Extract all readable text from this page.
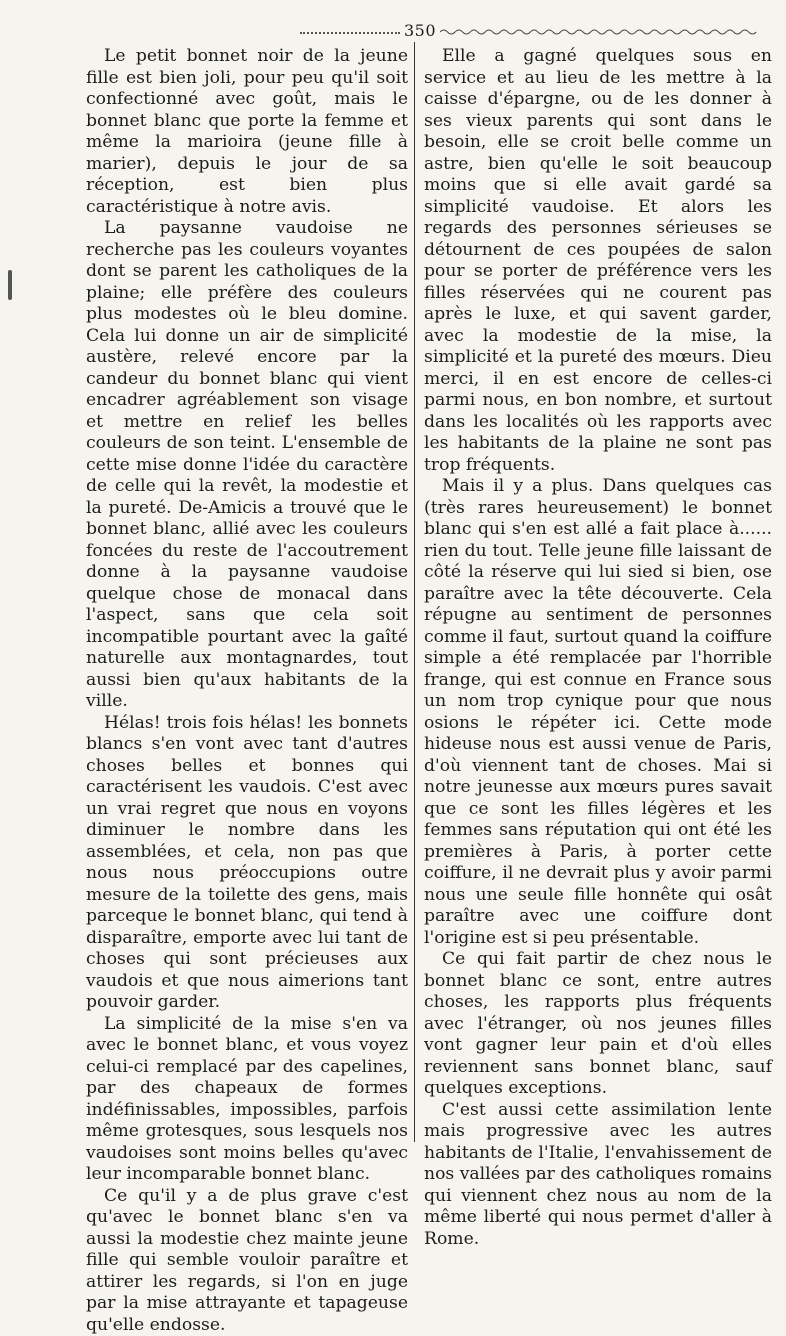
350

Le petit bonnet noir de la jeune fille est bien joli, pour peu qu'il soit confectionné avec goût, mais le bonnet blanc que porte la femme et même la marioira (jeune fille à marier), depuis le jour de sa réception, est bien plus caractéristique à notre avis.

La paysanne vaudoise ne recherche pas les couleurs voyantes dont se parent les catholiques de la plaine; elle préfère des couleurs plus modestes où le bleu domine. Cela lui donne un air de simplicité austère, relevé encore par la candeur du bonnet blanc qui vient encadrer agréablement son visage et mettre en relief les belles couleurs de son teint. L'ensemble de cette mise donne l'idée du caractère de celle qui la revêt, la modestie et la pureté. De-Amicis a trouvé que le bonnet blanc, allié avec les couleurs foncées du reste de l'accoutrement donne à la paysanne vaudoise quelque chose de monacal dans l'aspect, sans que cela soit incompatible pourtant avec la gaîté naturelle aux montagnardes, tout aussi bien qu'aux habitants de la ville.

Hélas! trois fois hélas! les bonnets blancs s'en vont avec tant d'autres choses belles et bonnes qui caractérisent les vaudois. C'est avec un vrai regret que nous en voyons diminuer le nombre dans les assemblées, et cela, non pas que nous nous préoccupions outre mesure de la toilette des gens, mais parceque le bonnet blanc, qui tend à disparaître, emporte avec lui tant de choses qui sont précieuses aux vaudois et que nous aimerions tant pouvoir garder.

La simplicité de la mise s'en va avec le bonnet blanc, et vous voyez celui-ci remplacé par des capelines, par des chapeaux de formes indéfinissables, impossibles, parfois même grotesques, sous lesquels nos vaudoises sont moins belles qu'avec leur incomparable bonnet blanc.

Ce qu'il y a de plus grave c'est qu'avec le bonnet blanc s'en va aussi la modestie chez mainte jeune fille qui semble vouloir paraître et attirer les regards, si l'on en juge par la mise attrayante et tapageuse qu'elle endosse.

Elle a gagné quelques sous en service et au lieu de les mettre à la caisse d'épargne, ou de les donner à ses vieux parents qui sont dans le besoin, elle se croit belle comme un astre, bien qu'elle le soit beaucoup moins que si elle avait gardé sa simplicité vaudoise. Et alors les regards des personnes sérieuses se détournent de ces poupées de salon pour se porter de préférence vers les filles réservées qui ne courent pas après le luxe, et qui savent garder, avec la modestie de la mise, la simplicité et la pureté des mœurs. Dieu merci, il en est encore de celles-ci parmi nous, en bon nombre, et surtout dans les localités où les rapports avec les habitants de la plaine ne sont pas trop fréquents.

Mais il y a plus. Dans quelques cas (très rares heureusement) le bonnet blanc qui s'en est allé a fait place à...... rien du tout. Telle jeune fille laissant de côté la réserve qui lui sied si bien, ose paraître avec la tête découverte. Cela répugne au sentiment de personnes comme il faut, surtout quand la coiffure simple a été remplacée par l'horrible frange, qui est connue en France sous un nom trop cynique pour que nous osions le répéter ici. Cette mode hideuse nous est aussi venue de Paris, d'où viennent tant de choses. Mai si notre jeunesse aux mœurs pures savait que ce sont les filles légères et les femmes sans réputation qui ont été les premières à Paris, à porter cette coiffure, il ne devrait plus y avoir parmi nous une seule fille honnête qui osât paraître avec une coiffure dont l'origine est si peu présentable.

Ce qui fait partir de chez nous le bonnet blanc ce sont, entre autres choses, les rapports plus fréquents avec l'étranger, où nos jeunes filles vont gagner leur pain et d'où elles reviennent sans bonnet blanc, sauf quelques exceptions.

C'est aussi cette assimilation lente mais progressive avec les autres habitants de l'Italie, l'envahissement de nos vallées par des catholiques romains qui viennent chez nous au nom de la même liberté qui nous permet d'aller à Rome.
